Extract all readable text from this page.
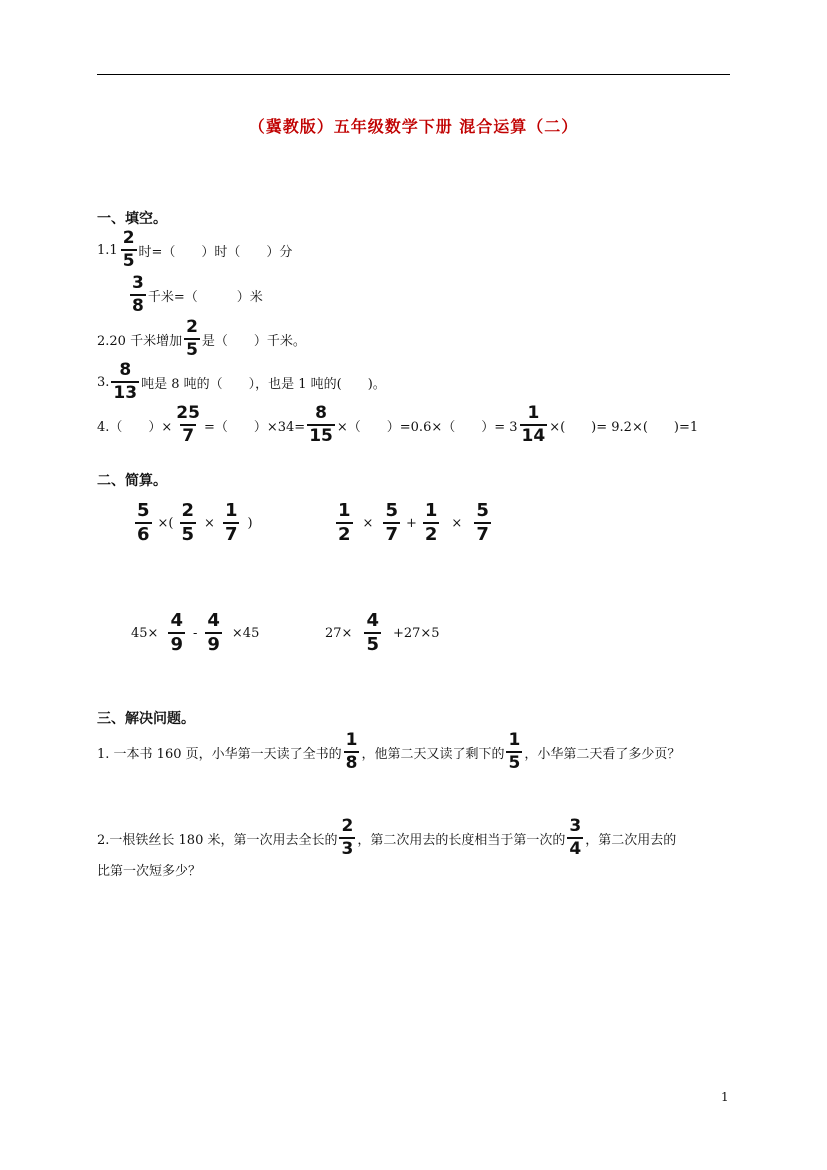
（冀教版）五年级数学下册 混合运算（二）
一、填空。
1. $1 \frac{2}{5}$ 时=（　　）时（　　）分
$\frac{3}{8}$ 千米=（　　　）米
2.20 千米增加 $\frac{2}{5}$ 是（　　）千米。
3. $\frac{8}{13}$ 吨是 8 吨的（　　），也是 1 吨的(　　)。
4.（　　）× $\frac{25}{7}$ =（　　）$\times 34= \frac{8}{15}$ ×（　　）=0.6×（　　）= $3 \frac{1}{14}$ ×(　　)= 9.2×(　　)=1
二、简算。
$\frac{5}{6}$ ×( $\frac{2}{5} \times \frac{1}{7}$ )	$\frac{1}{2} \times \frac{5}{7} + \frac{1}{2} \times \frac{5}{7}$
$45\times \frac{4}{9} - \frac{4}{9} \times 45$	$27\times \frac{4}{5} +27\times 5$
三、解决问题。
1. 一本书 160 页，小华第一天读了全书的 $\frac{1}{8}$ ，他第二天又读了剩下的 $\frac{1}{5}$ ，小华第二天看了多少页？
2.一根铁丝长 180 米，第一次用去全长的 $\frac{2}{3}$ ，第二次用去的长度相当于第一次的 $\frac{3}{4}$ ，第二次用去的
比第一次短多少？
1
